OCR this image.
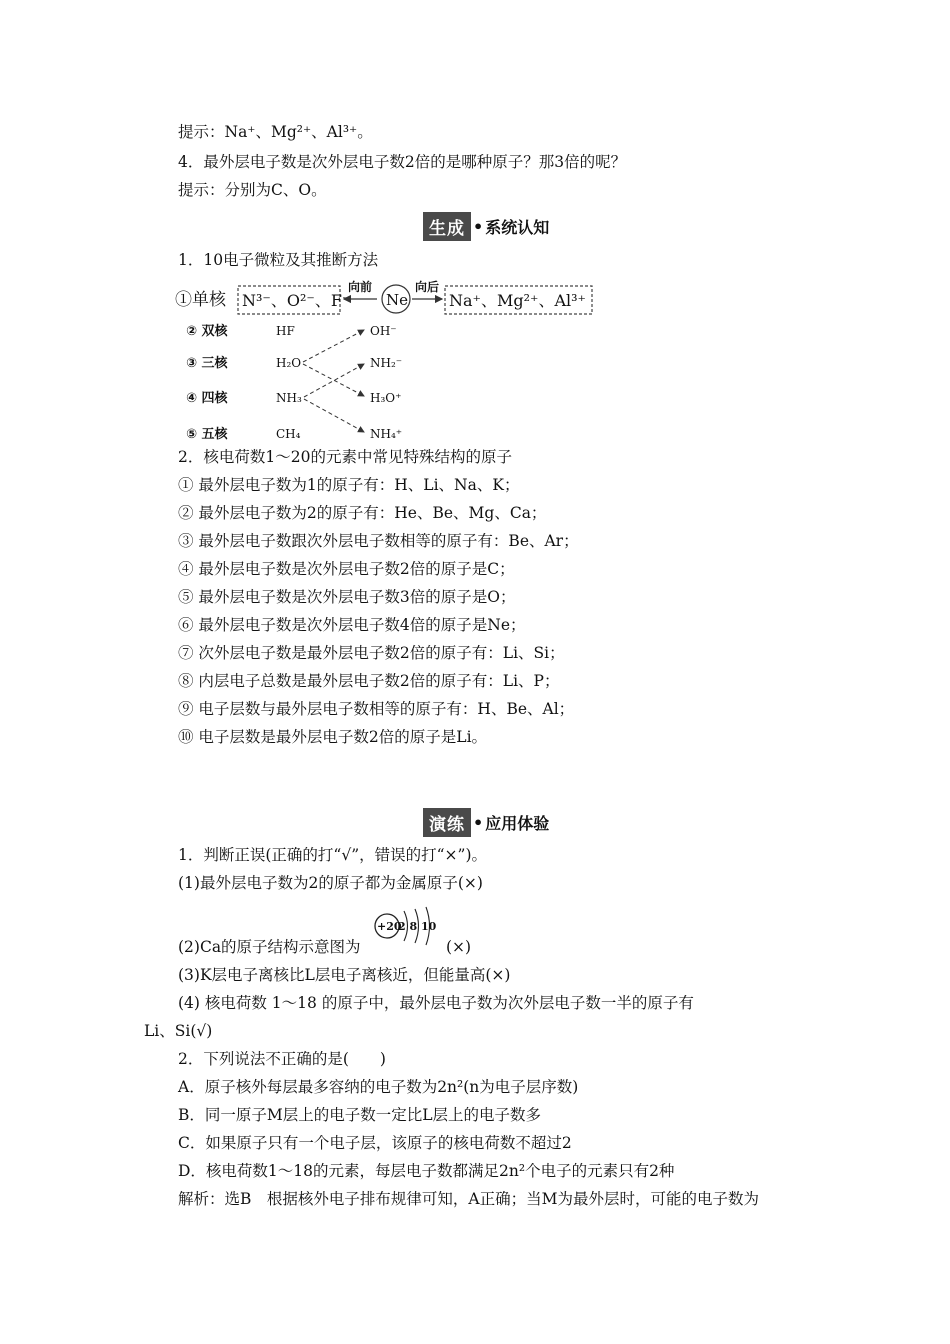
提示：Na⁺、Mg²⁺、Al³⁺。
4．最外层电子数是次外层电子数2倍的是哪种原子？那3倍的呢？
提示：分别为C、O。
生成 • 系统认知
1．10电子微粒及其推断方法
①单核 N³⁻、O²⁻、F⁻
向前
Ne
向后
Na⁺、Mg²⁺、Al³⁺
② 双核	HF	OH⁻
③ 三核	H₂O	NH₂⁻
④ 四核	NH₃	H₃O⁺
⑤ 五核	CH₄	NH₄⁺
2．核电荷数1～20的元素中常见特殊结构的原子
① 最外层电子数为1的原子有：H、Li、Na、K；
② 最外层电子数为2的原子有：He、Be、Mg、Ca；
③ 最外层电子数跟次外层电子数相等的原子有：Be、Ar；
④ 最外层电子数是次外层电子数2倍的原子是C；
⑤ 最外层电子数是次外层电子数3倍的原子是O；
⑥ 最外层电子数是次外层电子数4倍的原子是Ne；
⑦ 次外层电子数是最外层电子数2倍的原子有：Li、Si；
⑧ 内层电子总数是最外层电子数2倍的原子有：Li、P；
⑨ 电子层数与最外层电子数相等的原子有：H、Be、Al；
⑩ 电子层数是最外层电子数2倍的原子是Li。
演练 • 应用体验
1．判断正误(正确的打“√”，错误的打“×”)。
(1)最外层电子数为2的原子都为金属原子(×)
+20
2 8 10
(2)Ca的原子结构示意图为	(×)
(3)K层电子离核比L层电子离核近，但能量高(×)
(4) 核电荷数 1～18 的原子中，最外层电子数为次外层电子数一半的原子有
Li、Si(√)
2．下列说法不正确的是(　　)
A．原子核外每层最多容纳的电子数为2n²(n为电子层序数)
B．同一原子M层上的电子数一定比L层上的电子数多
C．如果原子只有一个电子层，该原子的核电荷数不超过2
D．核电荷数1～18的元素，每层电子数都满足2n²个电子的元素只有2种
解析：选B　根据核外电子排布规律可知，A正确；当M为最外层时，可能的电子数为
